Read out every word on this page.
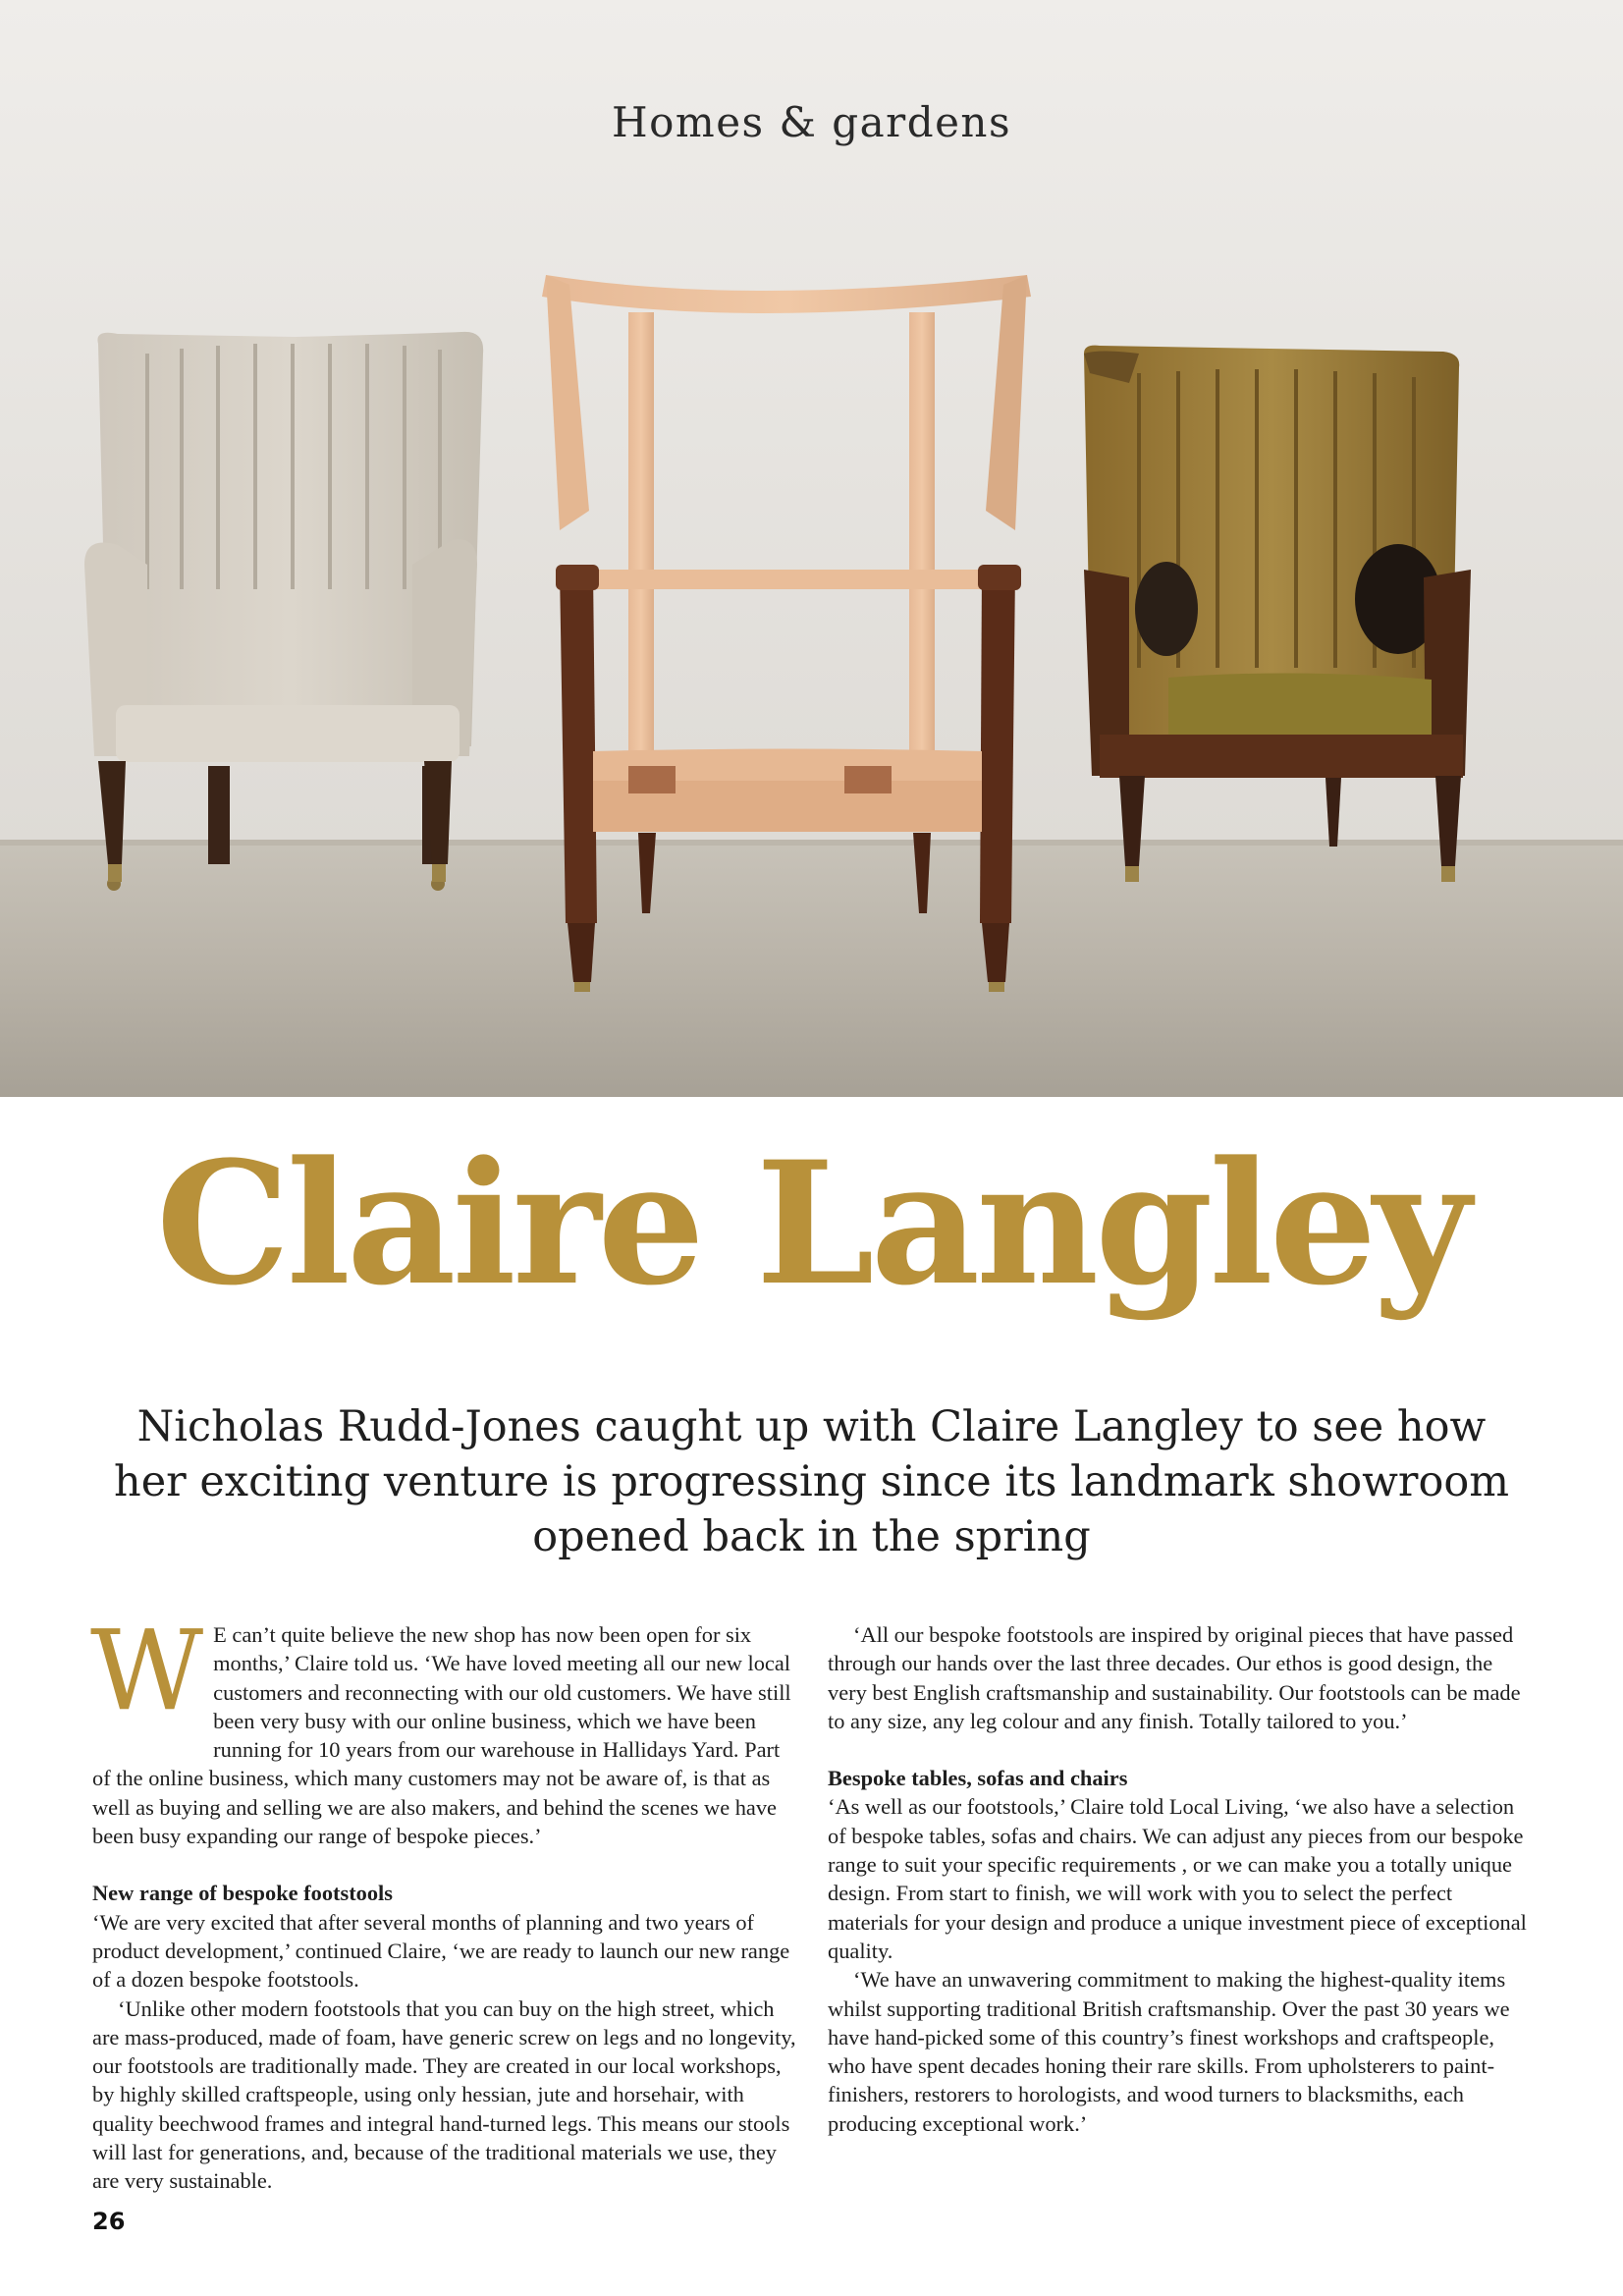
Homes & gardens
Claire Langley

Nicholas Rudd-Jones caught up with Claire Langley to see how her exciting venture is progressing since its landmark showroom opened back in the spring

W E can’t quite believe the new shop has now been open for six months,’ Claire told us. ‘We have loved meeting all our new local customers and reconnecting with our old customers. We have still been very busy with our online business, which we have been running for 10 years from our warehouse in Hallidays Yard. Part of the online business, which many customers may not be aware of, is that as well as buying and selling we are also makers, and behind the scenes we have been busy expanding our range of bespoke pieces.’

New range of bespoke footstools

‘We are very excited that after several months of planning and two years of product development,’ continued Claire, ‘we are ready to launch our new range of a dozen bespoke footstools.

‘Unlike other modern footstools that you can buy on the high street, which are mass-produced, made of foam, have generic screw on legs and no longevity, our footstools are traditionally made. They are created in our local workshops, by highly skilled craftspeople, using only hessian, jute and horsehair, with quality beechwood frames and integral hand-turned legs. This means our stools will last for generations, and, because of the traditional materials we use, they are very sustainable.

‘All our bespoke footstools are inspired by original pieces that have passed through our hands over the last three decades. Our ethos is good design, the very best English craftsmanship and sustainability. Our footstools can be made to any size, any leg colour and any finish. Totally tailored to you.’

Bespoke tables, sofas and chairs

‘As well as our footstools,’ Claire told Local Living, ‘we also have a selection of bespoke tables, sofas and chairs. We can adjust any pieces from our bespoke range to suit your specific requirements , or we can make you a totally unique design. From start to finish, we will work with you to select the perfect materials for your design and produce a unique investment piece of exceptional quality.

‘We have an unwavering commitment to making the highest-quality items whilst supporting traditional British craftsmanship. Over the past 30 years we have hand-picked some of this country’s finest workshops and craftspeople, who have spent decades honing their rare skills. From upholsterers to paint-finishers, restorers to horologists, and wood turners to blacksmiths, each producing exceptional work.’

26
